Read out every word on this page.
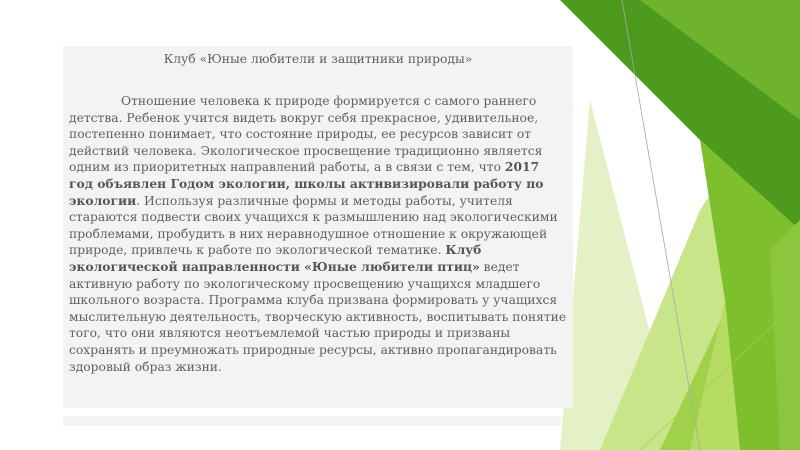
Клуб «Юные любители и защитники природы»

Отношение человека к природе формируется с самого раннего детства. Ребенок учится видеть вокруг себя прекрасное, удивительное, постепенно понимает, что состояние природы, ее ресурсов зависит от действий человека. Экологическое просвещение традиционно является одним из приоритетных направлений работы, а в связи с тем, что 2017 год объявлен Годом экологии, школы активизировали работу по экологии. Используя различные формы и методы работы, учителя стараются подвести своих учащихся к размышлению над экологическими проблемами, пробудить в них неравнодушное отношение к окружающей природе, привлечь к работе по экологической тематике. Клуб экологической направленности «Юные любители птиц» ведет активную работу по экологическому просвещению учащихся младшего школьного возраста. Программа клуба призвана формировать у учащихся мыслительную деятельность, творческую активность, воспитывать понятие того, что они являются неотъемлемой частью природы и призваны сохранять и преумножать природные ресурсы, активно пропагандировать здоровый образ жизни.
